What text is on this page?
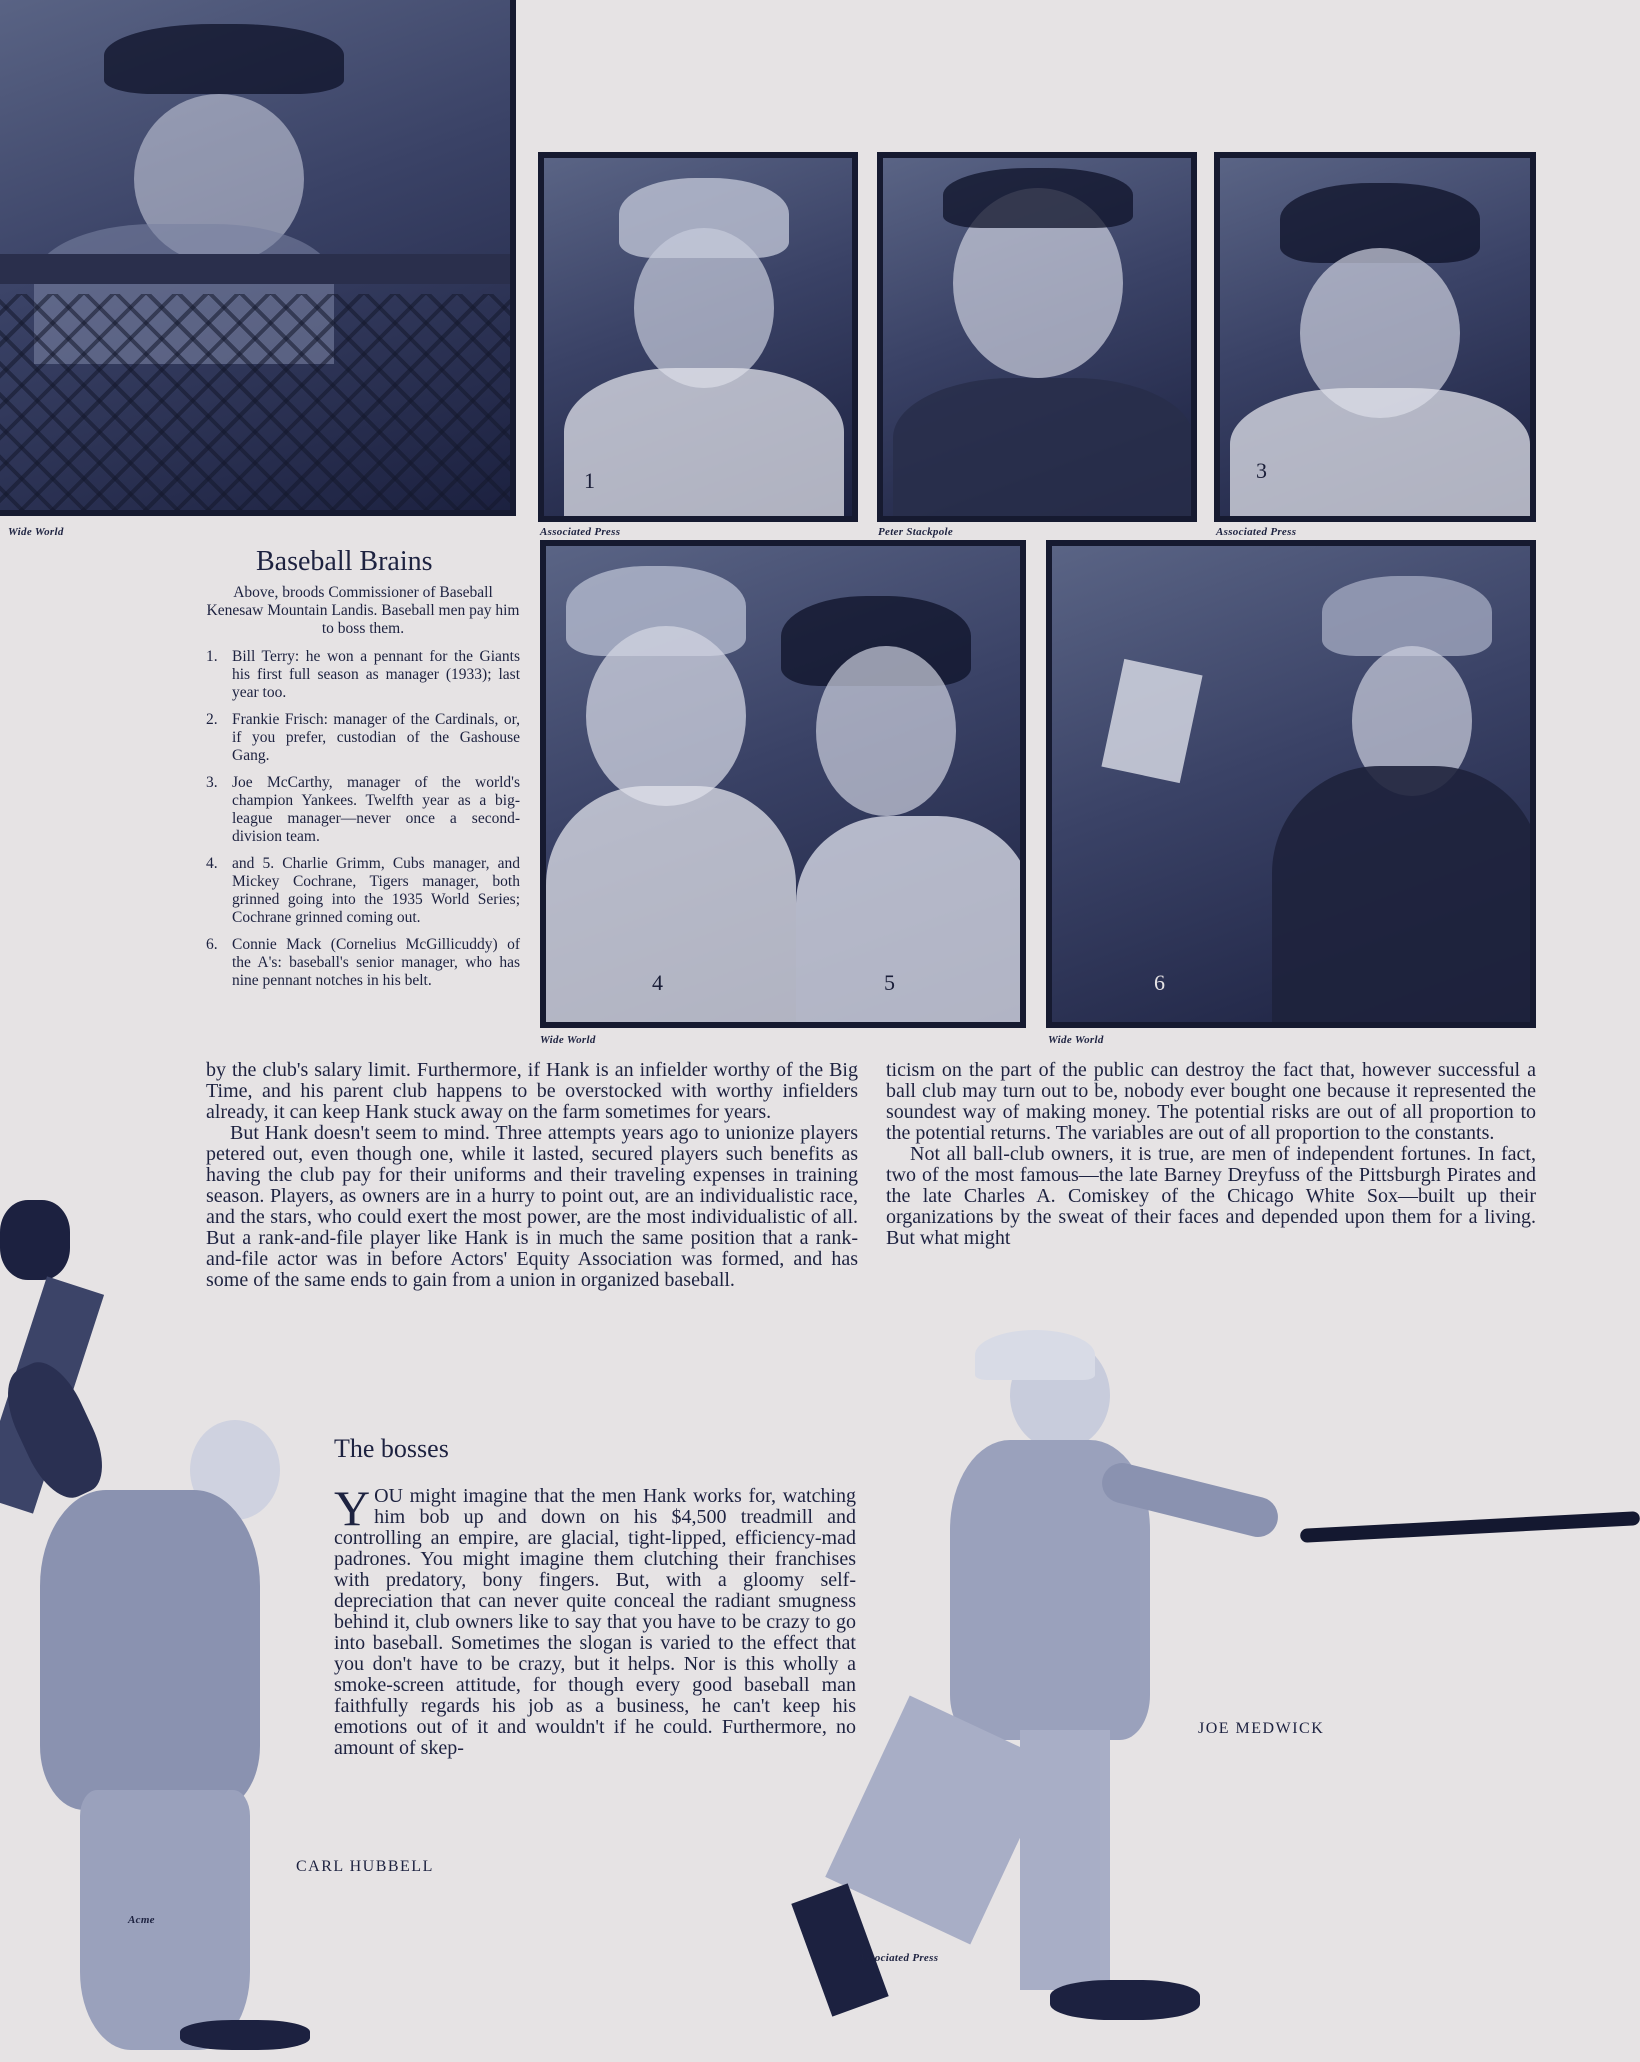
Wide World
1
Associated Press	Peter Stackpole
3
Associated Press
4	5
Wide World
6
Wide World
Baseball Brains
Above, broods Commissioner of Baseball Kenesaw Mountain Landis. Baseball men pay him to boss them.
1. Bill Terry: he won a pennant for the Giants his first full season as manager (1933); last year too.
2. Frankie Frisch: manager of the Cardinals, or, if you prefer, custodian of the Gashouse Gang.
3. Joe McCarthy, manager of the world's champion Yankees. Twelfth year as a big-league manager—never once a second-division team.
4. and 5. Charlie Grimm, Cubs manager, and Mickey Cochrane, Tigers manager, both grinned going into the 1935 World Series; Cochrane grinned coming out.
6. Connie Mack (Cornelius McGillicuddy) of the A's: baseball's senior manager, who has nine pennant notches in his belt.

by the club's salary limit. Furthermore, if Hank is an infielder worthy of the Big Time, and his parent club happens to be overstocked with worthy infielders already, it can keep Hank stuck away on the farm sometimes for years.

But Hank doesn't seem to mind. Three attempts years ago to unionize players petered out, even though one, while it lasted, secured players such benefits as having the club pay for their uniforms and their traveling expenses in training season. Players, as owners are in a hurry to point out, are an individualistic race, and the stars, who could exert the most power, are the most individualistic of all. But a rank-and-file player like Hank is in much the same position that a rank-and-file actor was in before Actors' Equity Association was formed, and has some of the same ends to gain from a union in organized baseball.

ticism on the part of the public can destroy the fact that, however successful a ball club may turn out to be, nobody ever bought one because it represented the soundest way of making money. The potential risks are out of all proportion to the potential returns. The variables are out of all proportion to the constants.

Not all ball-club owners, it is true, are men of independent fortunes. In fact, two of the most famous—the late Barney Dreyfuss of the Pittsburgh Pirates and the late Charles A. Comiskey of the Chicago White Sox—built up their organizations by the sweat of their faces and depended upon them for a living. But what might

The bosses
YOU might imagine that the men Hank works for, watching him bob up and down on his $4,500 treadmill and controlling an empire, are glacial, tight-lipped, efficiency-mad padrones. You might imagine them clutching their franchises with predatory, bony fingers. But, with a gloomy self-depreciation that can never quite conceal the radiant smugness behind it, club owners like to say that you have to be crazy to go into baseball. Sometimes the slogan is varied to the effect that you don't have to be crazy, but it helps. Nor is this wholly a smoke-screen attitude, for though every good baseball man faithfully regards his job as a business, he can't keep his emotions out of it and wouldn't if he could. Furthermore, no amount of skep-
CARL HUBBELL
Acme
JOE MEDWICK
Associated Press
